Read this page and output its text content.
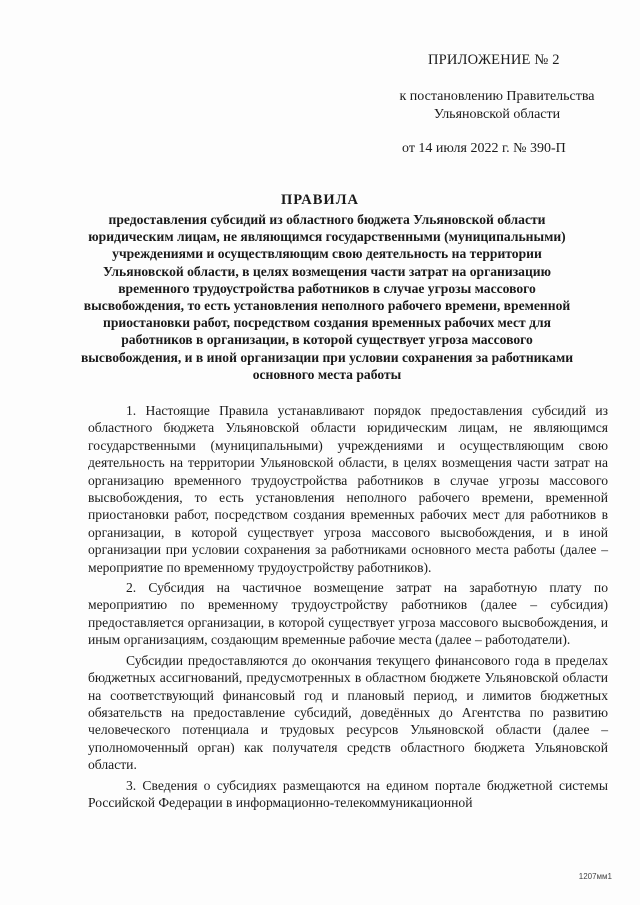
ПРИЛОЖЕНИЕ № 2
к постановлению Правительства Ульяновской области
от 14 июля 2022 г. № 390-П
ПРАВИЛА
предоставления субсидий из областного бюджета Ульяновской области юридическим лицам, не являющимся государственными (муниципальными) учреждениями и осуществляющим свою деятельность на территории Ульяновской области, в целях возмещения части затрат на организацию временного трудоустройства работников в случае угрозы массового высвобождения, то есть установления неполного рабочего времени, временной приостановки работ, посредством создания временных рабочих мест для работников в организации, в которой существует угроза массового высвобождения, и в иной организации при условии сохранения за работниками основного места работы

1. Настоящие Правила устанавливают порядок предоставления субсидий из областного бюджета Ульяновской области юридическим лицам, не являющимся государственными (муниципальными) учреждениями и осуществляющим свою деятельность на территории Ульяновской области, в целях возмещения части затрат на организацию временного трудоустройства работников в случае угрозы массового высвобождения, то есть установления неполного рабочего времени, временной приостановки работ, посредством создания временных рабочих мест для работников в организации, в которой существует угроза массового высвобождения, и в иной организации при условии сохранения за работниками основного места работы (далее – мероприятие по временному трудоустройству работников).

2. Субсидия на частичное возмещение затрат на заработную плату по мероприятию по временному трудоустройству работников (далее – субсидия) предоставляется организации, в которой существует угроза массового высвобождения, и иным организациям, создающим временные рабочие места (далее – работодатели).

Субсидии предоставляются до окончания текущего финансового года в пределах бюджетных ассигнований, предусмотренных в областном бюджете Ульяновской области на соответствующий финансовый год и плановый период, и лимитов бюджетных обязательств на предоставление субсидий, доведённых до Агентства по развитию человеческого потенциала и трудовых ресурсов Ульяновской области (далее – уполномоченный орган) как получателя средств областного бюджета Ульяновской области.

3. Сведения о субсидиях размещаются на едином портале бюджетной системы Российской Федерации в информационно-телекоммуникационной

1207мм1
